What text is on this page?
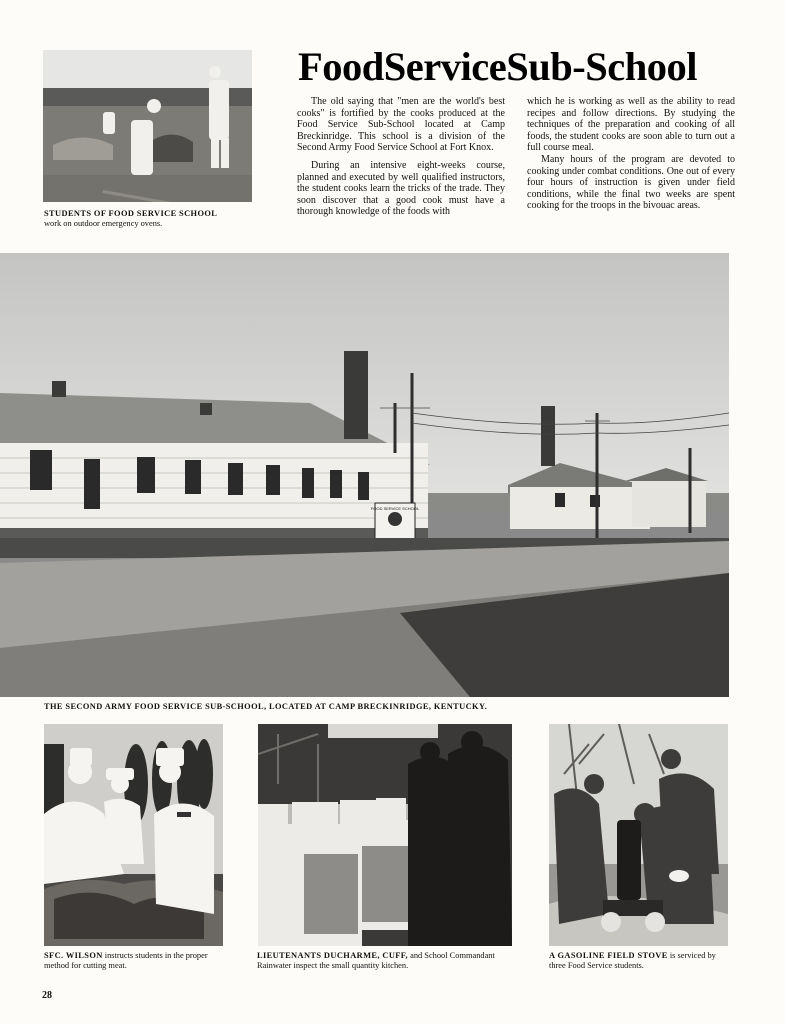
STUDENTS OF FOOD SERVICE SCHOOL
work on outdoor emergency ovens.
FoodServiceSub-School

The old saying that "men are the world's best cooks" is fortified by the cooks produced at the Food Service Sub-School located at Camp Breckinridge. This school is a division of the Second Army Food Service School at Fort Knox.

During an intensive eight-weeks course, planned and executed by well qualified instructors, the student cooks learn the tricks of the trade. They soon discover that a good cook must have a thorough knowledge of the foods with

which he is working as well as the ability to read recipes and follow directions. By studying the techniques of the preparation and cooking of all foods, the student cooks are soon able to turn out a full course meal.

Many hours of the program are devoted to cooking under combat conditions. One out of every four hours of instruction is given under field conditions, while the final two weeks are spent cooking for the troops in the bivouac areas.

FOOD SERVICE SCHOOL
THE SECOND ARMY FOOD SERVICE SUB-SCHOOL, LOCATED AT CAMP BRECKINRIDGE, KENTUCKY.
SFC. WILSON instructs students in the proper method for cutting meat.
LIEUTENANTS DUCHARME, CUFF, and School Commandant Rainwater inspect the small quantity kitchen.
A GASOLINE FIELD STOVE is serviced by three Food Service students.
28
